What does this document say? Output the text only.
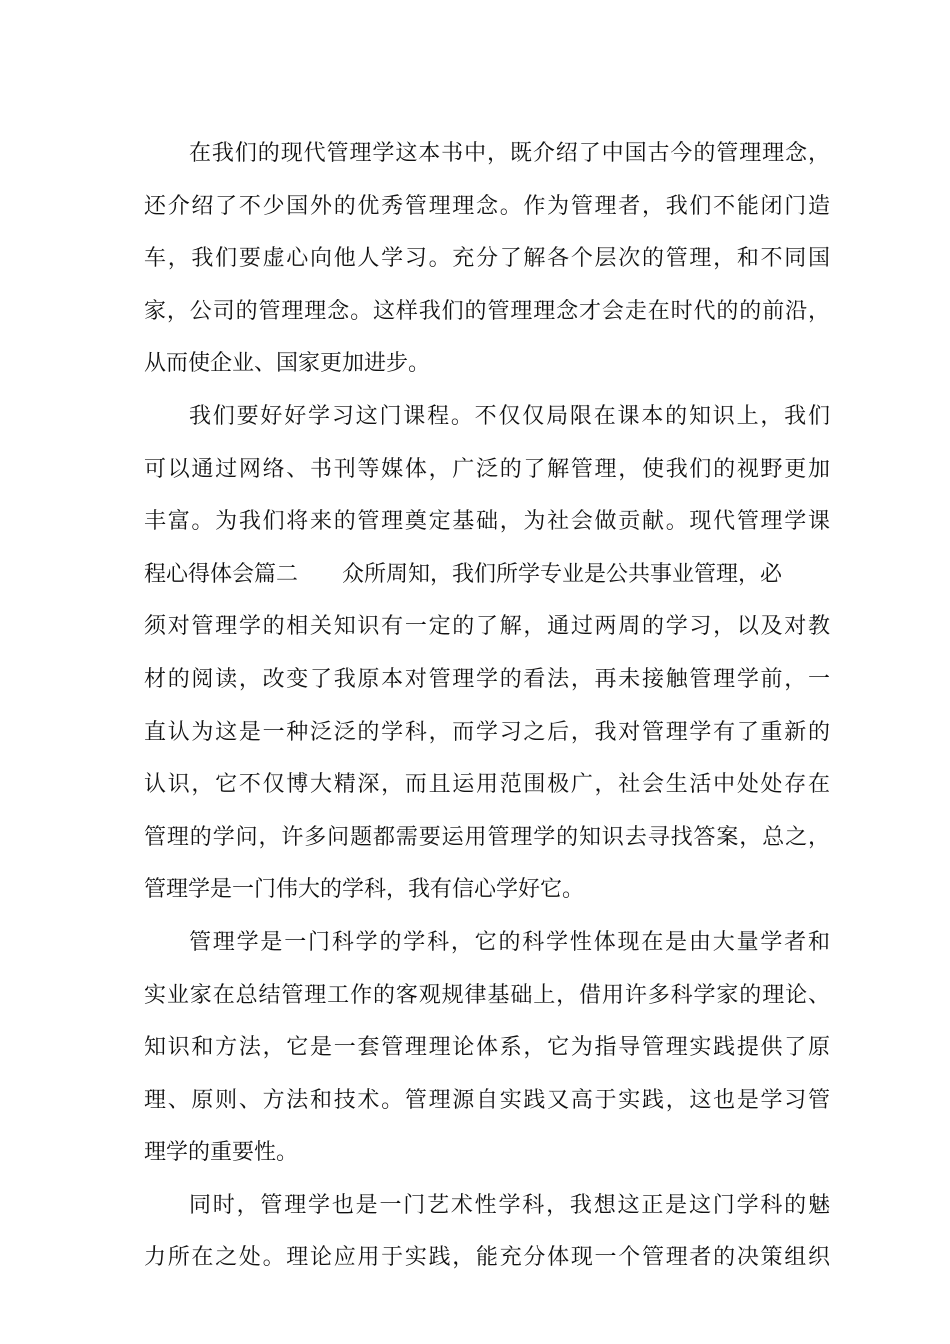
在我们的现代管理学这本书中，既介绍了中国古今的管理理念，
还介绍了不少国外的优秀管理理念。作为管理者，我们不能闭门造
车，我们要虚心向他人学习。充分了解各个层次的管理，和不同国
家，公司的管理理念。这样我们的管理理念才会走在时代的的前沿，
从而使企业、国家更加进步。
我们要好好学习这门课程。不仅仅局限在课本的知识上，我们
可以通过网络、书刊等媒体，广泛的了解管理，使我们的视野更加
丰富。为我们将来的管理奠定基础，为社会做贡献。现代管理学课
程心得体会篇二 众所周知，我们所学专业是公共事业管理，必
须对管理学的相关知识有一定的了解，通过两周的学习，以及对教
材的阅读，改变了我原本对管理学的看法，再未接触管理学前，一
直认为这是一种泛泛的学科，而学习之后，我对管理学有了重新的
认识，它不仅博大精深，而且运用范围极广，社会生活中处处存在
管理的学问，许多问题都需要运用管理学的知识去寻找答案，总之，
管理学是一门伟大的学科，我有信心学好它。
管理学是一门科学的学科，它的科学性体现在是由大量学者和
实业家在总结管理工作的客观规律基础上，借用许多科学家的理论、
知识和方法，它是一套管理理论体系，它为指导管理实践提供了原
理、原则、方法和技术。管理源自实践又高于实践，这也是学习管
理学的重要性。
同时，管理学也是一门艺术性学科，我想这正是这门学科的魅
力所在之处。理论应用于实践，能充分体现一个管理者的决策组织
